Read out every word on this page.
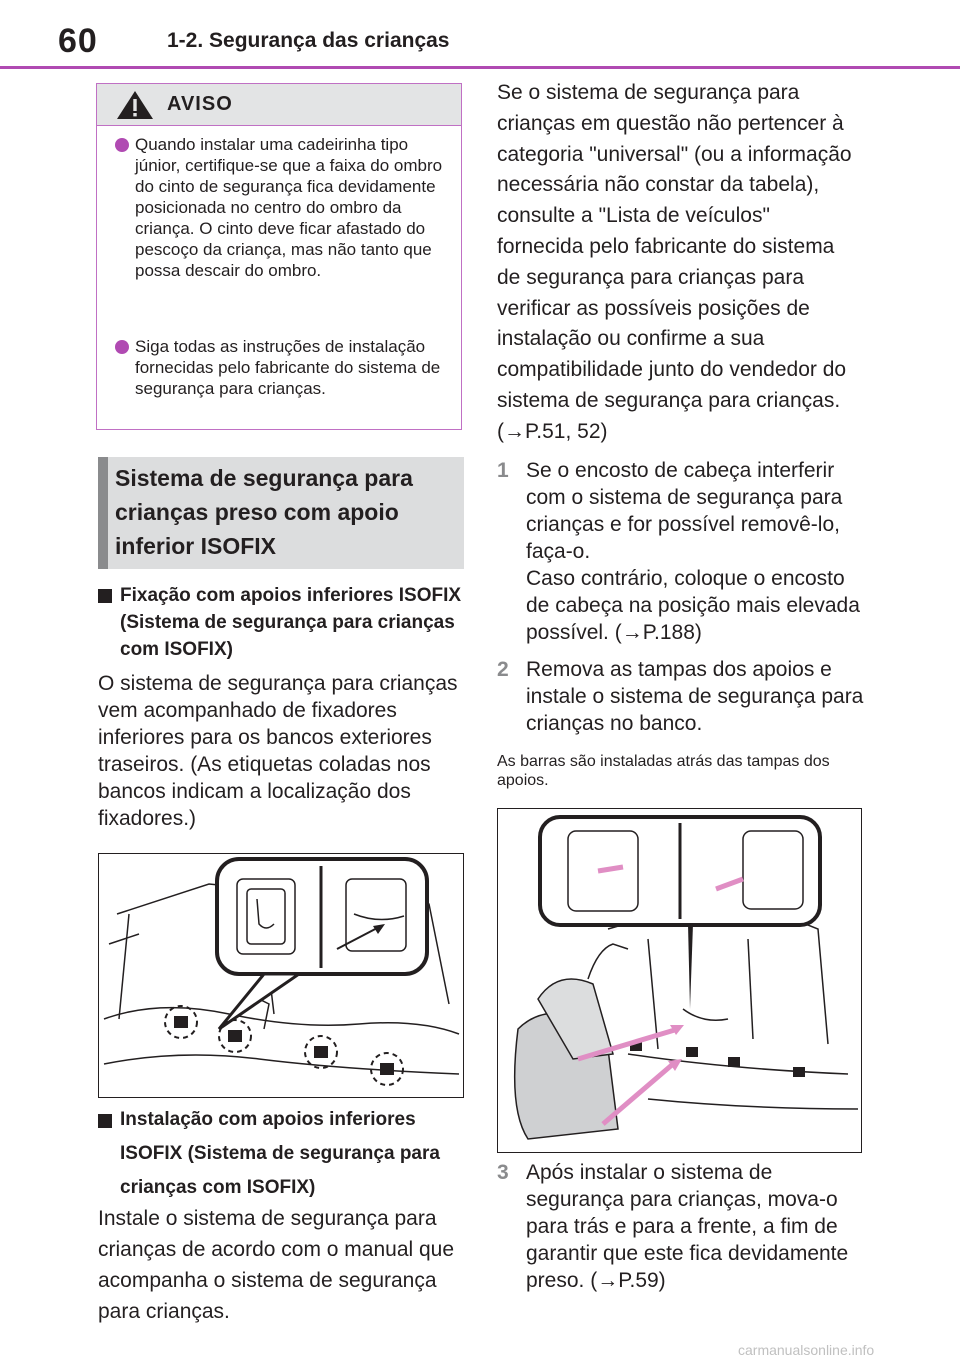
60	1-2. Segurança das crianças
AVISO
Quando instalar uma cadeirinha tipo júnior, certifique-se que a faixa do ombro do cinto de segurança fica devidamente posicionada no centro do ombro da criança. O cinto deve ficar afastado do pescoço da criança, mas não tanto que possa descair do ombro.
Siga todas as instruções de instalação fornecidas pelo fabricante do sistema de segurança para crianças.
Sistema de segurança para crianças preso com apoio inferior ISOFIX
Fixação com apoios inferiores ISOFIX (Sistema de segurança para crianças com ISOFIX)
O sistema de segurança para crianças vem acompanhado de fixadores inferiores para os bancos exteriores traseiros. (As etiquetas coladas nos bancos indicam a localização dos fixadores.)
Instalação com apoios inferiores ISOFIX (Sistema de segurança para crianças com ISOFIX)
Instale o sistema de segurança para crianças de acordo com o manual que acompanha o sistema de segurança para crianças.
Se o sistema de segurança para crianças em questão não pertencer à categoria "universal" (ou a informação necessária não constar da tabela), consulte a "Lista de veículos" fornecida pelo fabricante do sistema de segurança para crianças para verificar as possíveis posições de instalação ou confirme a sua compatibilidade junto do vendedor do sistema de segurança para crianças. (→P.51, 52)
1 Se o encosto de cabeça interferir com o sistema de segurança para crianças e for possível removê-lo, faça-o.
Caso contrário, coloque o encosto de cabeça na posição mais elevada possível. (→P.188)
2 Remova as tampas dos apoios e instale o sistema de segurança para crianças no banco.
As barras são instaladas atrás das tampas dos apoios.
3 Após instalar o sistema de segurança para crianças, mova-o para trás e para a frente, a fim de garantir que este fica devidamente preso. (→P.59)
carmanualsonline.info
